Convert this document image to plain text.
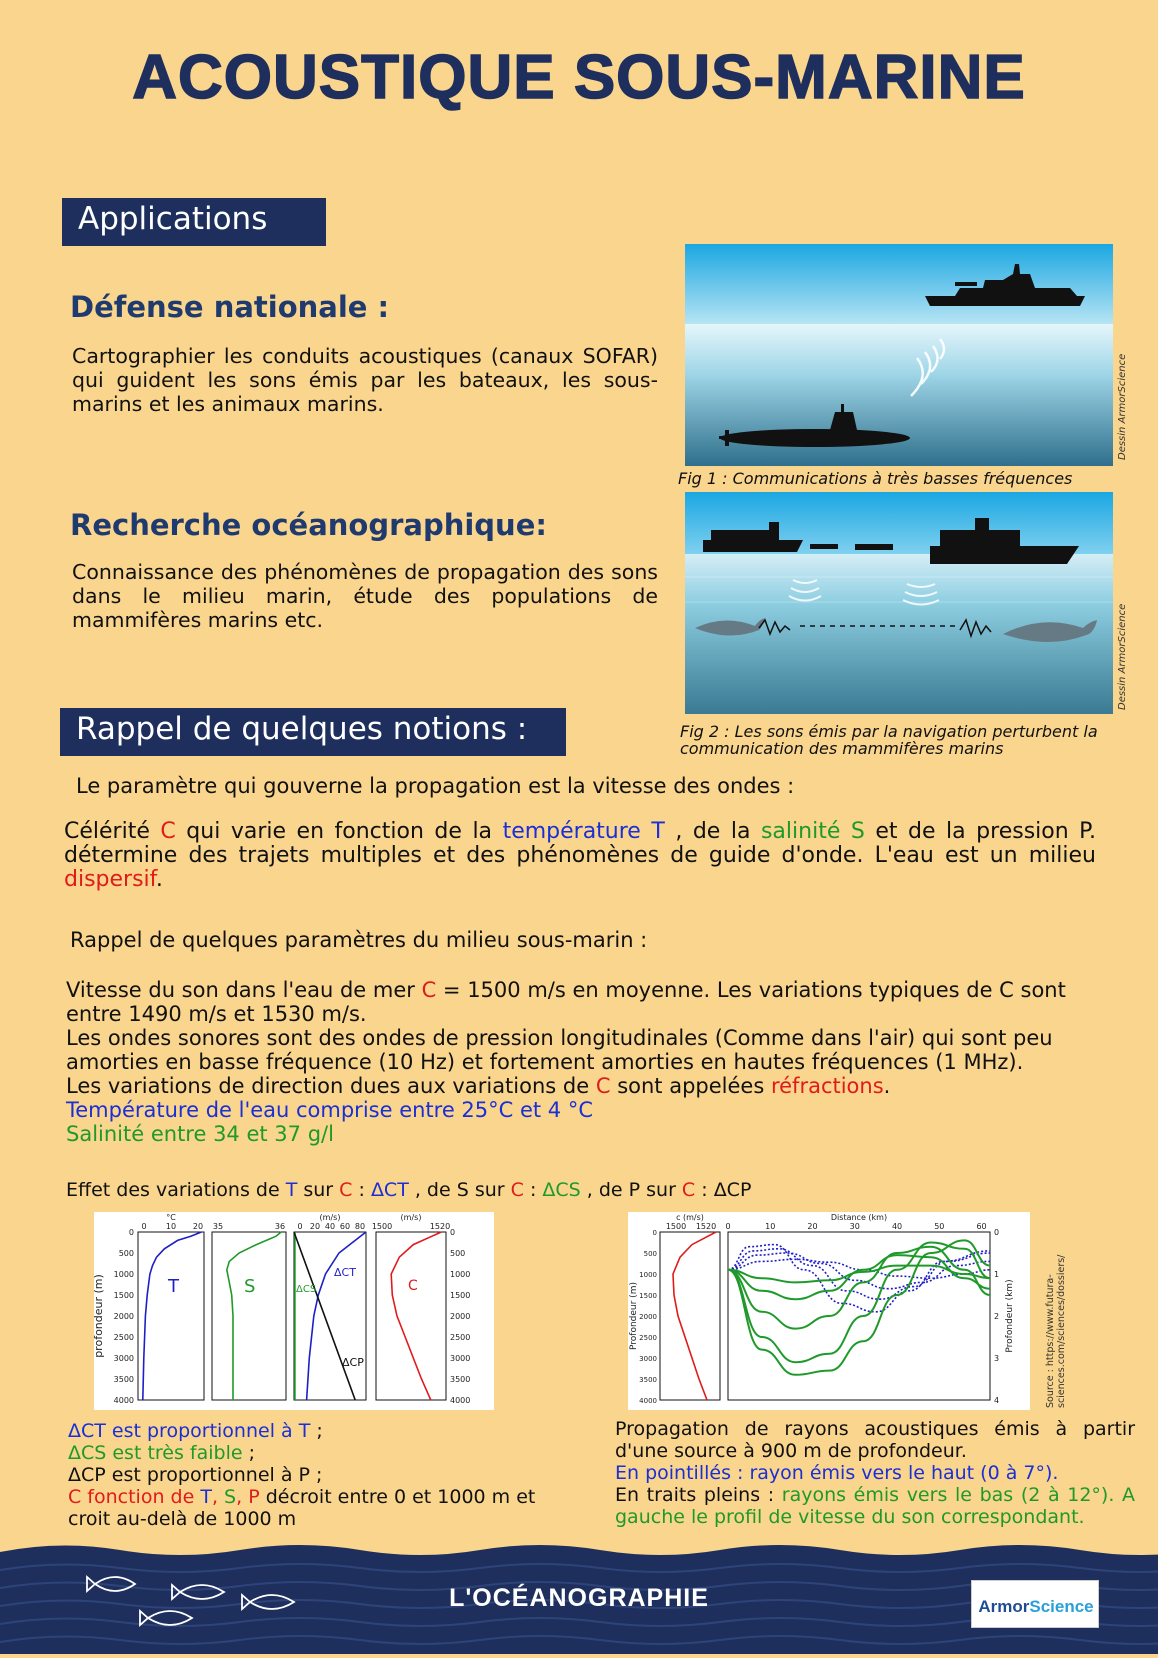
ACOUSTIQUE SOUS-MARINE
Applications
Défense nationale :
Cartographier les conduits acoustiques (canaux SOFAR) qui guident les sons émis par les bateaux, les sous-marins et les animaux marins.
Recherche océanographique:
Connaissance des phénomènes de propagation des sons dans le milieu marin, étude des populations de mammifères marins etc.
Dessin ArmorScience
Fig 1 : Communications à très basses fréquences
Dessin ArmorScience
Fig 2 : Les sons émis par la navigation perturbent la communication des mammifères marins
Rappel de quelques notions :
Le paramètre qui gouverne la propagation est la vitesse des ondes :
Célérité C qui varie en fonction de la température T , de la salinité S et de la pression P. détermine des trajets multiples et des phénomènes de guide d'onde. L'eau est un milieu dispersif.
Rappel de quelques paramètres du milieu sous-marin :
Vitesse du son dans l'eau de mer C = 1500 m/s en moyenne. Les variations typiques de C sont entre 1490 m/s et 1530 m/s.
Les ondes sonores sont des ondes de pression longitudinales (Comme dans l'air) qui sont peu amorties en basse fréquence (10 Hz) et fortement amorties en hautes fréquences (1 MHz).
Les variations de direction dues aux variations de C sont appelées réfractions.
Température de l'eau comprise entre 25°C et 4 °C
Salinité entre 34 et 37 g/l
Effet des variations de T sur C : ΔCT , de S sur C : ΔCS , de P sur C : ΔCP
0	0
500	500
1000	1000
1500	1500
2000	2000
2500	2500
3000	3000
3500	3500
4000	4000
profondeur (m)
°C
0 10 20 35	36
(m/s)
0 20 40 60 80
(m/s)
1500	1520
T	S
ΔCT
ΔCS
ΔCP
C
c (m/s)
1500 1520
0
500
1000
1500
2000
2500
3000
3500
4000
Profondeur (m)
Distance (km)
0	10	20	30	40	50	60
0
1
2
3
4
Profondeur (km)	Source : https://www.futura-sciences.com/sciences/dossiers/
ΔCT est proportionnel à T ;
ΔCS est très faible ;
ΔCP est proportionnel à P ;
C fonction de T, S, P décroit entre 0 et 1000 m et
croit au-delà de 1000 m
Propagation de rayons acoustiques émis à partir d'une source à 900 m de profondeur.
En pointillés : rayon émis vers le haut (0 à 7°).
En traits pleins : rayons émis vers le bas (2 à 12°). A gauche le profil de vitesse du son correspondant.
L'OCÉANOGRAPHIE	ArmorScience
